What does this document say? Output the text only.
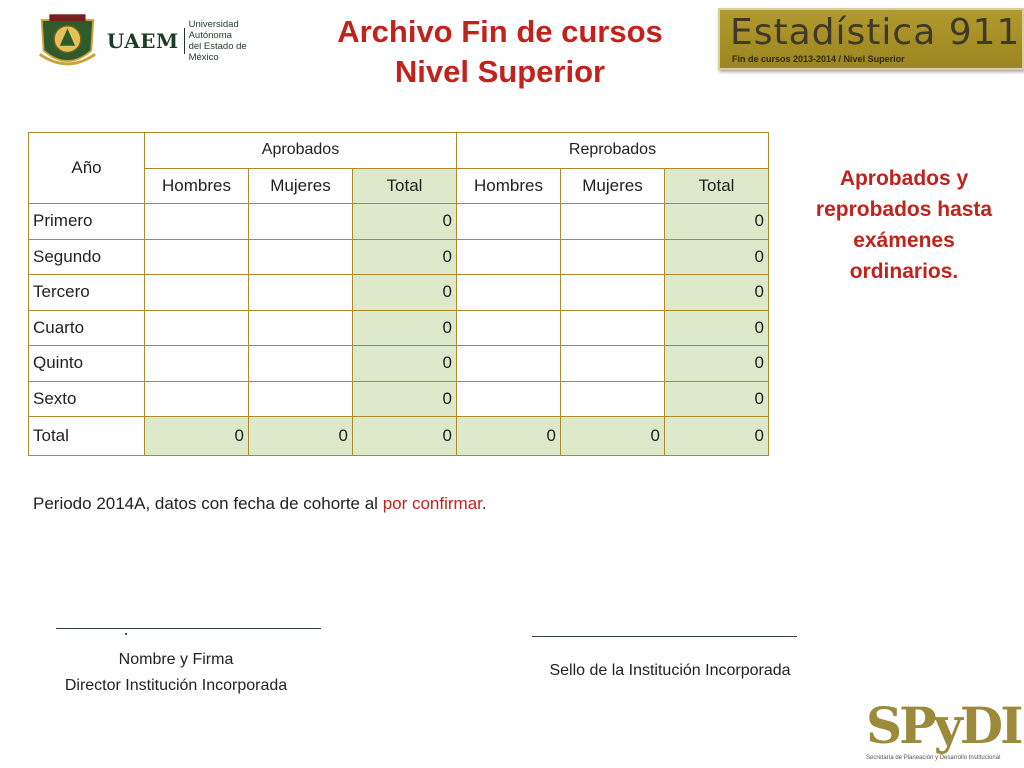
UAEM
Universidad Autónoma
del Estado de México
Archivo Fin de cursos
Nivel Superior
Estadística 911
Fin de cursos 2013-2014 / Nivel Superior
Año	Aprobados			Reprobados		
	Hombres	Mujeres	Total	Hombres	Mujeres	Total
Primero			0			0
Segundo			0			0
Tercero			0			0
Cuarto			0			0
Quinto			0			0
Sexto			0			0
Total	0	0	0	0	0	0
Aprobados y reprobados hasta exámenes ordinarios.
Periodo 2014A, datos con fecha de cohorte al por confirmar.
Nombre y Firma
Director Institución Incorporada
Sello de la Institución Incorporada
SPyDI
Secretaría de Planeación y Desarrollo Institucional
